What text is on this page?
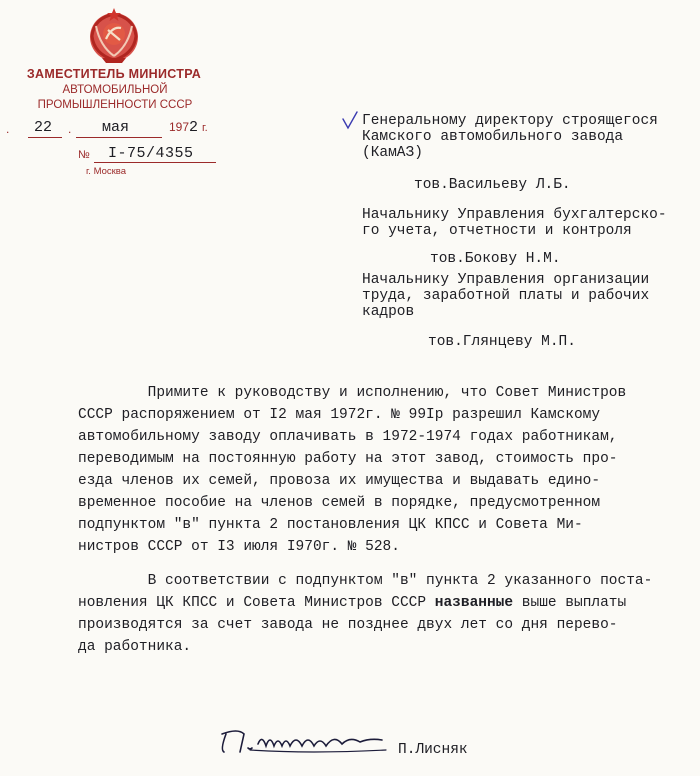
ЗАМЕСТИТЕЛЬ МИНИСТРА
АВТОМОБИЛЬНОЙ
ПРОМЫШЛЕННОСТИ СССР
. 22 . мая	1972 г.
№ I-75/4355
г. Москва
Генеральному директору строящегося
Камского автомобильного завода
(КамАЗ)
тов.Васильеву Л.Б.
Начальнику Управления бухгалтерско-
го учета, отчетности и контроля
тов.Бокову Н.М.
Начальнику Управления организации
труда, заработной платы и рабочих
кадров
тов.Глянцеву М.П.
Примите к руководству и исполнению, что Совет Министров
СССР распоряжением от I2 мая 1972г. № 99Iр разрешил Камскому
автомобильному заводу оплачивать в 1972-1974 годах работникам,
переводимым на постоянную работу на этот завод, стоимость про-
езда членов их семей, провоза их имущества и выдавать едино-
временное пособие на членов семей в порядке, предусмотренном
подпунктом "в" пункта 2 постановления ЦК КПСС и Совета Ми-
нистров СССР от I3 июля I970г. № 528.
В соответствии с подпунктом "в" пункта 2 указанного поста-
новления ЦК КПСС и Совета Министров СССР названные выше выплаты
производятся за счет завода не позднее двух лет со дня перево-
да работника.
П.Лисняк
